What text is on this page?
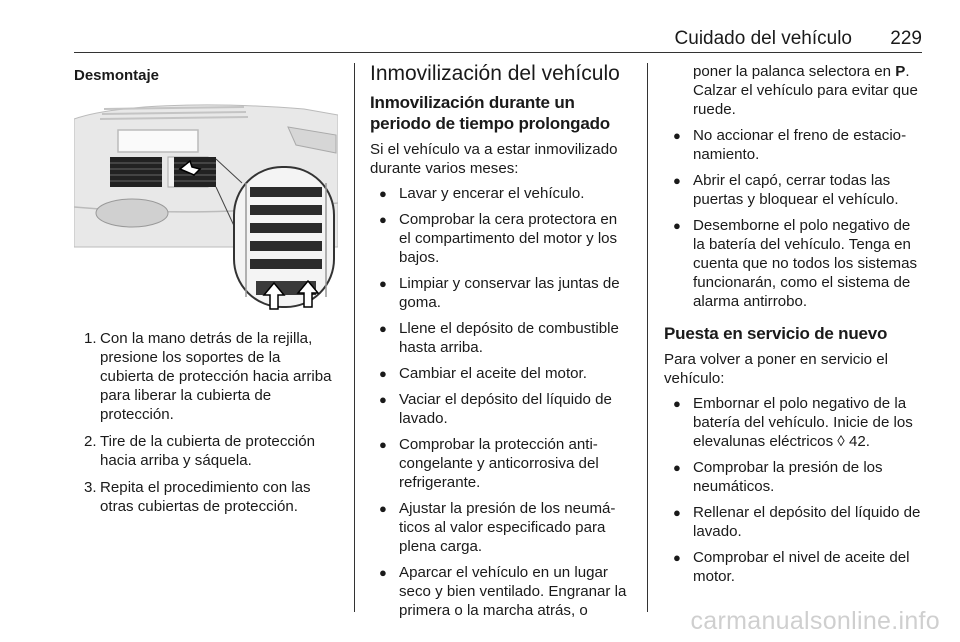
Cuidado del vehículo 229
Desmontaje
1. Con la mano detrás de la rejilla, presione los soportes de la cubierta de protección hacia arriba para liberar la cubierta de protección.
2. Tire de la cubierta de protección hacia arriba y sáquela.
3. Repita el procedimiento con las otras cubiertas de protección.
Inmovilización del vehículo
Inmovilización durante un periodo de tiempo prolongado

Si el vehículo va a estar inmovilizado durante varios meses:

● Lavar y encerar el vehículo.
● Comprobar la cera protectora en el compartimento del motor y los bajos.
● Limpiar y conservar las juntas de goma.
● Llene el depósito de combustible hasta arriba.
● Cambiar el aceite del motor.
● Vaciar el depósito del líquido de lavado.
● Comprobar la protección anti-congelante y anticorrosiva del refrigerante.
● Ajustar la presión de los neumá-ticos al valor especificado para plena carga.
● Aparcar el vehículo en un lugar seco y bien ventilado. Engranar la primera o la marcha atrás, o
poner la palanca selectora en P. Calzar el vehículo para evitar que ruede.
● No accionar el freno de estacio-namiento.
● Abrir el capó, cerrar todas las puertas y bloquear el vehículo.
● Desemborne el polo negativo de la batería del vehículo. Tenga en cuenta que no todos los sistemas funcionarán, como el sistema de alarma antirrobo.
Puesta en servicio de nuevo

Para volver a poner en servicio el vehículo:

● Embornar el polo negativo de la batería del vehículo. Inicie de los elevalunas eléctricos ◊ 42.
● Comprobar la presión de los neumáticos.
● Rellenar el depósito del líquido de lavado.
● Comprobar el nivel de aceite del motor.
carmanualsonline.info
